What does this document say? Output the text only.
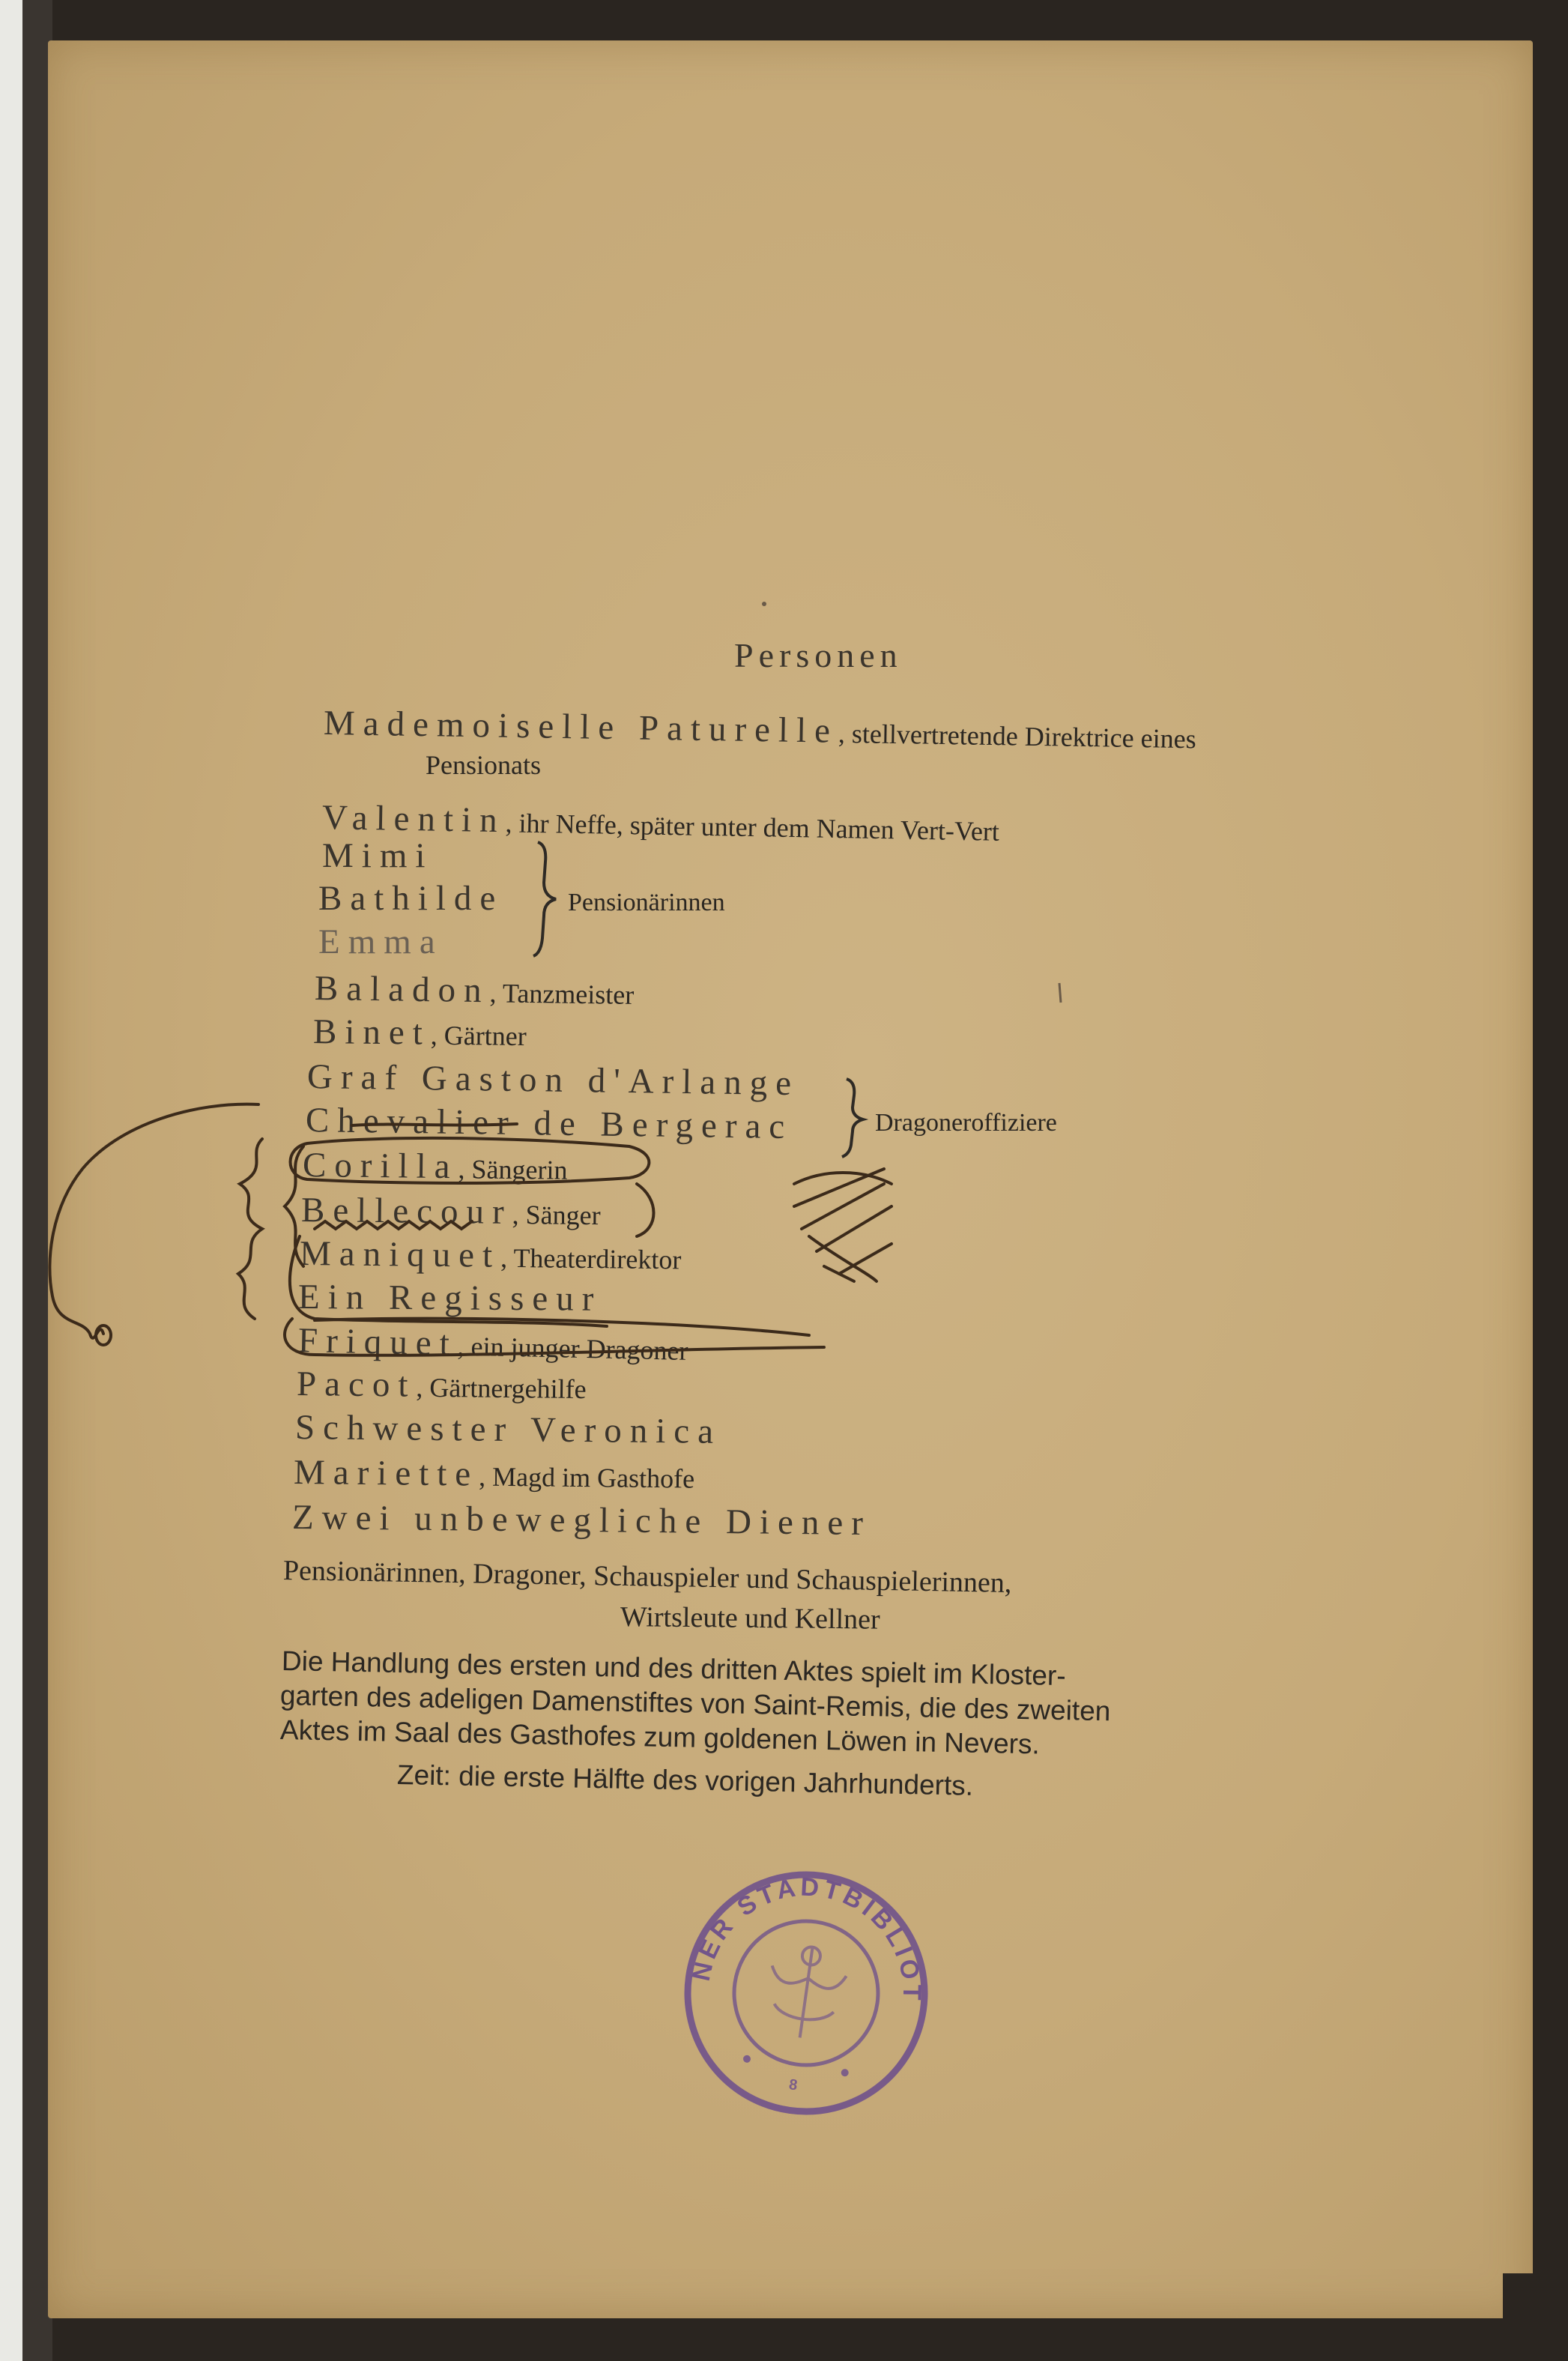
Personen
Mademoiselle Paturelle, stellvertretende Direktrice eines
Pensionats
Valentin, ihr Neffe, später unter dem Namen Vert-Vert
Mimi
Bathilde
Emma
Pensionärinnen
Baladon, Tanzmeister
Binet, Gärtner
Graf Gaston d'Arlange
Chevalier de Bergerac	Dragoneroffiziere
Corilla, Sängerin
Bellecour, Sänger
Maniquet, Theaterdirektor
Ein Regisseur
Friquet, ein junger Dragoner
Pacot, Gärtnergehilfe
Schwester Veronica
Mariette, Magd im Gasthofe
Zwei unbewegliche Diener
Pensionärinnen, Dragoner, Schauspieler und Schauspielerinnen,
Wirtsleute und Kellner
Die Handlung des ersten und des dritten Aktes spielt im Kloster-
garten des adeligen Damenstiftes von Saint-Remis, die des zweiten
Aktes im Saal des Gasthofes zum goldenen Löwen in Nevers.
Zeit: die erste Hälfte des vorigen Jahrhunderts.
WIENER STADTBIBLIOTHEK
8
